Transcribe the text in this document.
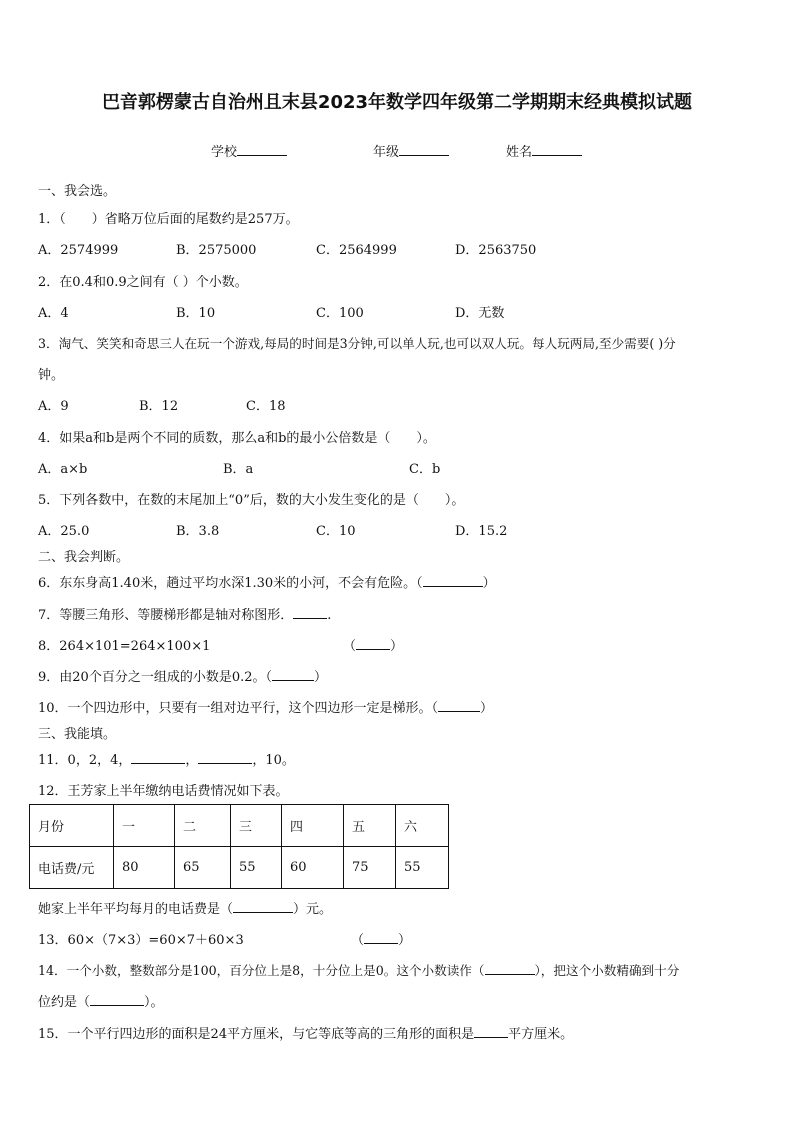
巴音郭楞蒙古自治州且末县2023年数学四年级第二学期期末经典模拟试题
学校	年级	姓名
一、我会选。
1．（　　）省略万位后面的尾数约是257万。
A．2574999	B．2575000	C．2564999	D．2563750
2．在0.4和0.9之间有（ ）个小数。
A．4	B．10	C．100	D．无数
3．淘气、笑笑和奇思三人在玩一个游戏,每局的时间是3分钟,可以单人玩,也可以双人玩。每人玩两局,至少需要( )分
钟。
A．9	B．12	C．18
4．如果a和b是两个不同的质数，那么a和b的最小公倍数是（　　）。
A．a×b	B．a	C．b
5．下列各数中，在数的末尾加上“0”后，数的大小发生变化的是（　　）。
A．25.0	B．3.8	C．10	D．15.2
二、我会判断。
6．东东身高1.40米，趟过平均水深1.30米的小河，不会有危险。（	）
7．等腰三角形、等腰梯形都是轴对称图形．	.
8．264×101=264×100×1	（	）
9．由20个百分之一组成的小数是0.2。（	）
10．一个四边形中，只要有一组对边平行，这个四边形一定是梯形。（	）
三、我能填。
11．0，2，4，	，	，10。
12．王芳家上半年缴纳电话费情况如下表。
月份	一	二	三	四	五	六
电话费/元	80	65	55	60	75	55
她家上半年平均每月的电话费是（	）元。
13．60×（7×3）=60×7＋60×3	（	）
14．一个小数，整数部分是100，百分位上是8，十分位上是0。这个小数读作（	），把这个小数精确到十分
位约是（	）。
15．一个平行四边形的面积是24平方厘米，与它等底等高的三角形的面积是	平方厘米。
